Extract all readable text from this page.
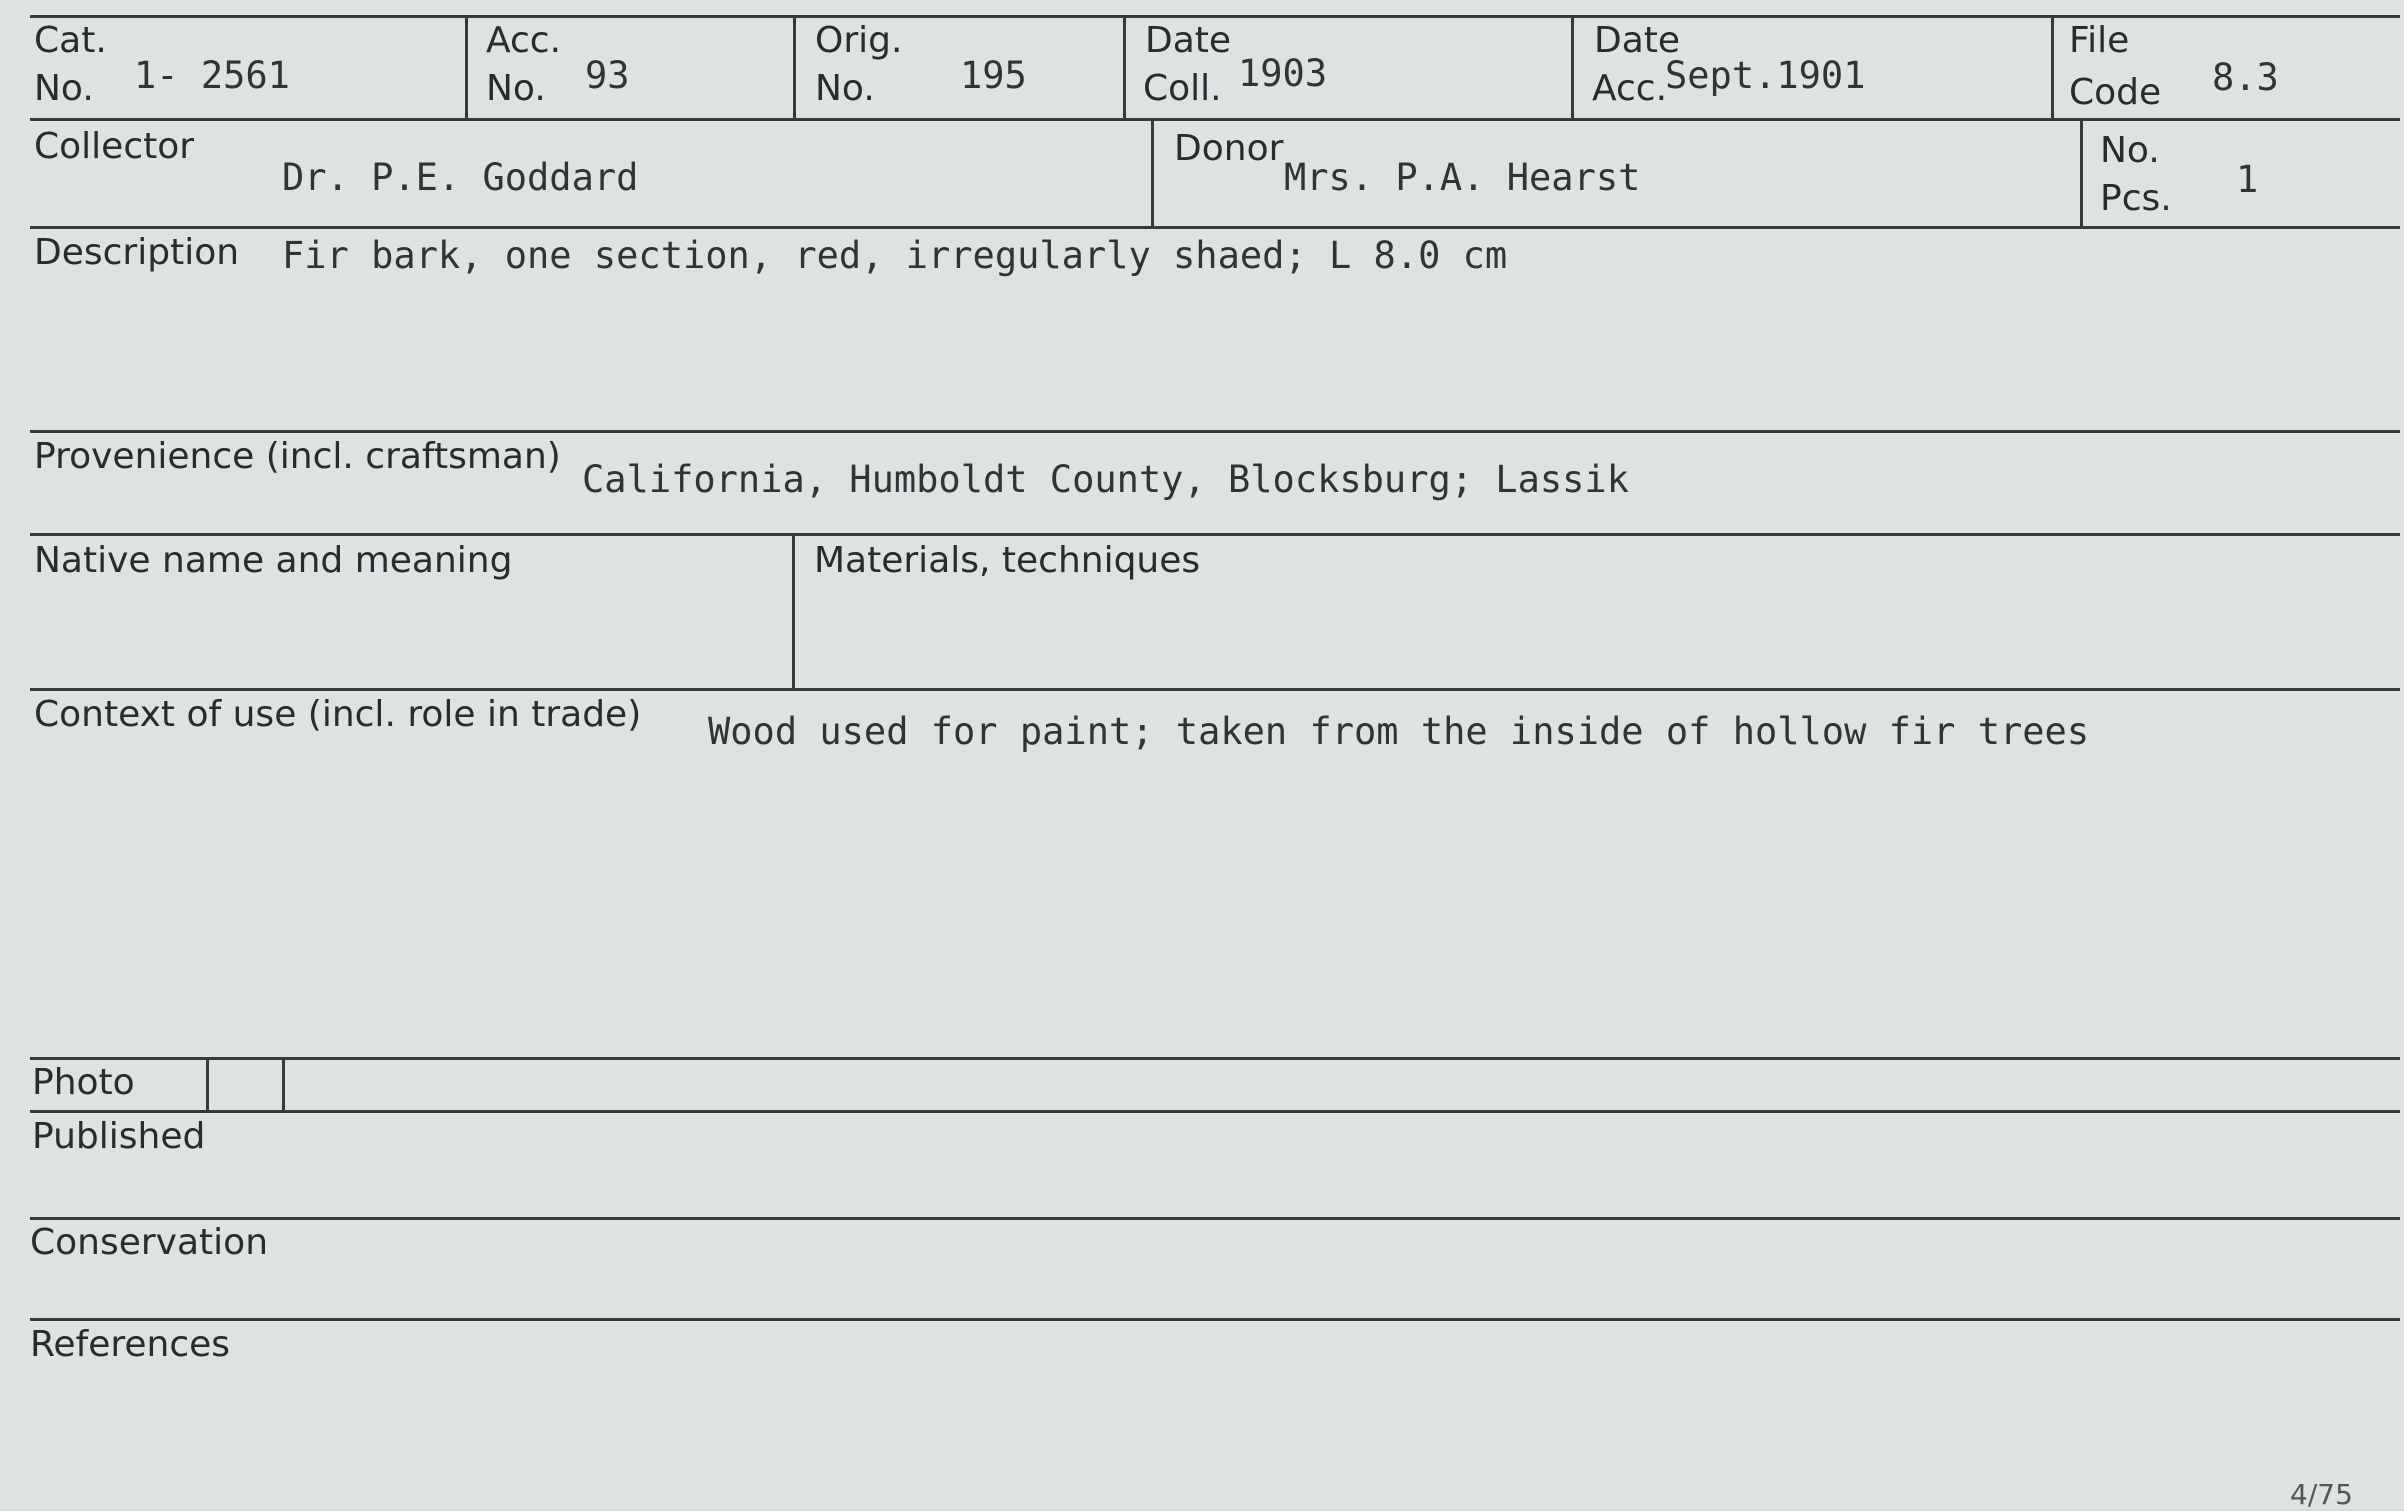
Cat.
No. 1- 2561
Acc.
No. 93
Orig.
No. 195
Date
Coll. 1903
Date
Acc.
Sept.1901
File
Code 8.3
Collector
Dr. P.E. Goddard
Donor
Mrs. P.A. Hearst
No.
Pcs. 1
Description Fir bark, one section, red, irregularly shaed; L 8.0 cm
Provenience (incl. craftsman)
California, Humboldt County, Blocksburg; Lassik
Native name and meaning	Materials, techniques
Context of use (incl. role in trade) Wood used for paint; taken from the inside of hollow fir trees
Photo
Published
Conservation
References
4/75
